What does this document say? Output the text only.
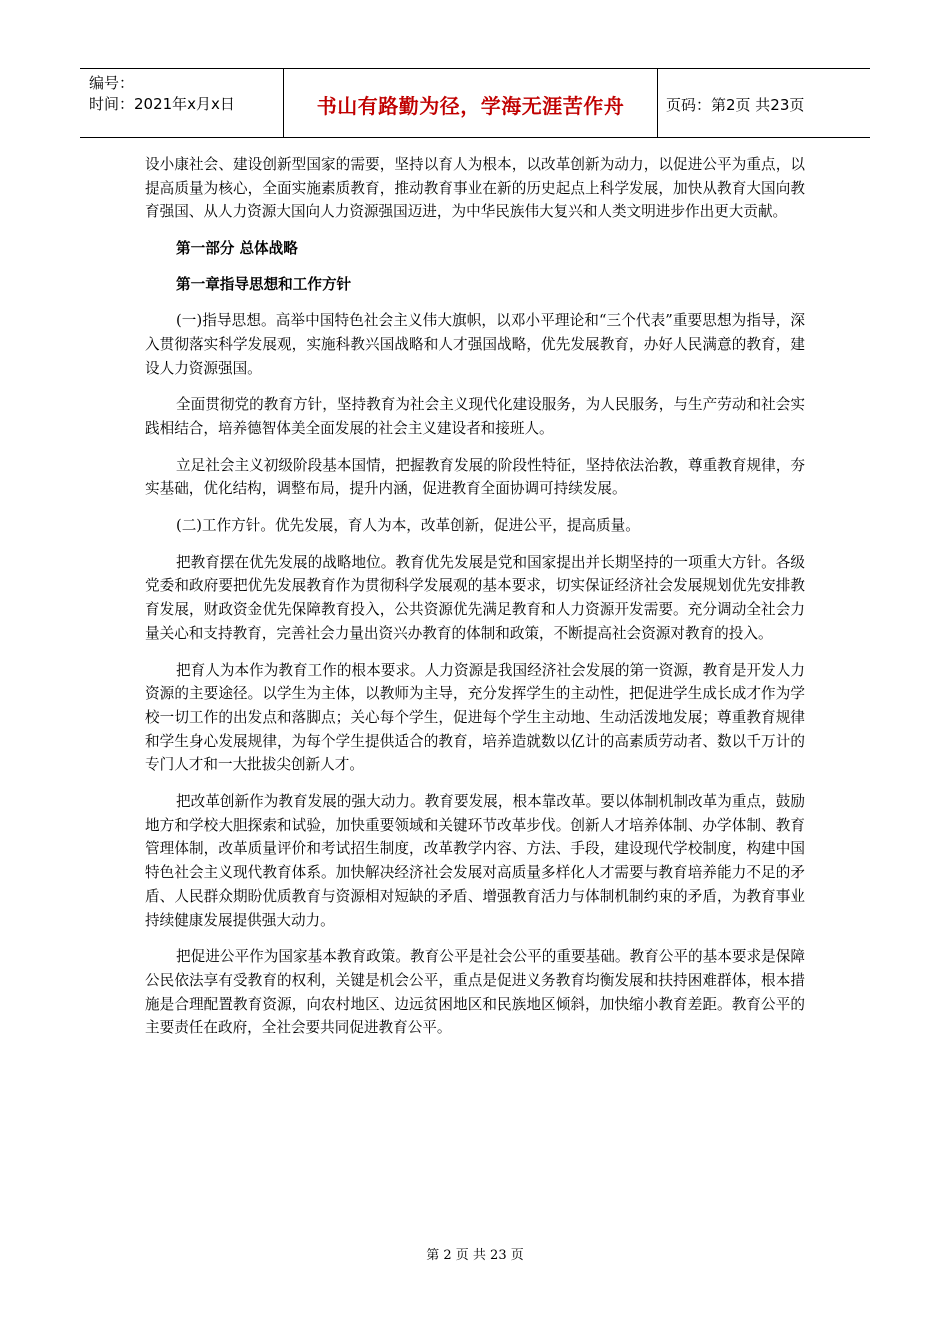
编号：
时间：2021年x月x日	书山有路勤为径，学海无涯苦作舟	页码：第2页 共23页

设小康社会、建设创新型国家的需要，坚持以育人为根本，以改革创新为动力，以促进公平为重点，以提高质量为核心，全面实施素质教育，推动教育事业在新的历史起点上科学发展，加快从教育大国向教育强国、从人力资源大国向人力资源强国迈进，为中华民族伟大复兴和人类文明进步作出更大贡献。

第一部分 总体战略
第一章指导思想和工作方针

(一)指导思想。高举中国特色社会主义伟大旗帜，以邓小平理论和“三个代表”重要思想为指导，深入贯彻落实科学发展观，实施科教兴国战略和人才强国战略，优先发展教育，办好人民满意的教育，建设人力资源强国。

全面贯彻党的教育方针，坚持教育为社会主义现代化建设服务，为人民服务，与生产劳动和社会实践相结合，培养德智体美全面发展的社会主义建设者和接班人。

立足社会主义初级阶段基本国情，把握教育发展的阶段性特征，坚持依法治教，尊重教育规律，夯实基础，优化结构，调整布局，提升内涵，促进教育全面协调可持续发展。

(二)工作方针。优先发展，育人为本，改革创新，促进公平，提高质量。

把教育摆在优先发展的战略地位。教育优先发展是党和国家提出并长期坚持的一项重大方针。各级党委和政府要把优先发展教育作为贯彻科学发展观的基本要求，切实保证经济社会发展规划优先安排教育发展，财政资金优先保障教育投入，公共资源优先满足教育和人力资源开发需要。充分调动全社会力量关心和支持教育，完善社会力量出资兴办教育的体制和政策，不断提高社会资源对教育的投入。

把育人为本作为教育工作的根本要求。人力资源是我国经济社会发展的第一资源，教育是开发人力资源的主要途径。以学生为主体，以教师为主导，充分发挥学生的主动性，把促进学生成长成才作为学校一切工作的出发点和落脚点；关心每个学生，促进每个学生主动地、生动活泼地发展；尊重教育规律和学生身心发展规律，为每个学生提供适合的教育，培养造就数以亿计的高素质劳动者、数以千万计的专门人才和一大批拔尖创新人才。

把改革创新作为教育发展的强大动力。教育要发展，根本靠改革。要以体制机制改革为重点，鼓励地方和学校大胆探索和试验，加快重要领域和关键环节改革步伐。创新人才培养体制、办学体制、教育管理体制，改革质量评价和考试招生制度，改革教学内容、方法、手段，建设现代学校制度，构建中国特色社会主义现代教育体系。加快解决经济社会发展对高质量多样化人才需要与教育培养能力不足的矛盾、人民群众期盼优质教育与资源相对短缺的矛盾、增强教育活力与体制机制约束的矛盾，为教育事业持续健康发展提供强大动力。

把促进公平作为国家基本教育政策。教育公平是社会公平的重要基础。教育公平的基本要求是保障公民依法享有受教育的权利，关键是机会公平，重点是促进义务教育均衡发展和扶持困难群体，根本措施是合理配置教育资源，向农村地区、边远贫困地区和民族地区倾斜，加快缩小教育差距。教育公平的主要责任在政府，全社会要共同促进教育公平。

第 2 页 共 23 页
